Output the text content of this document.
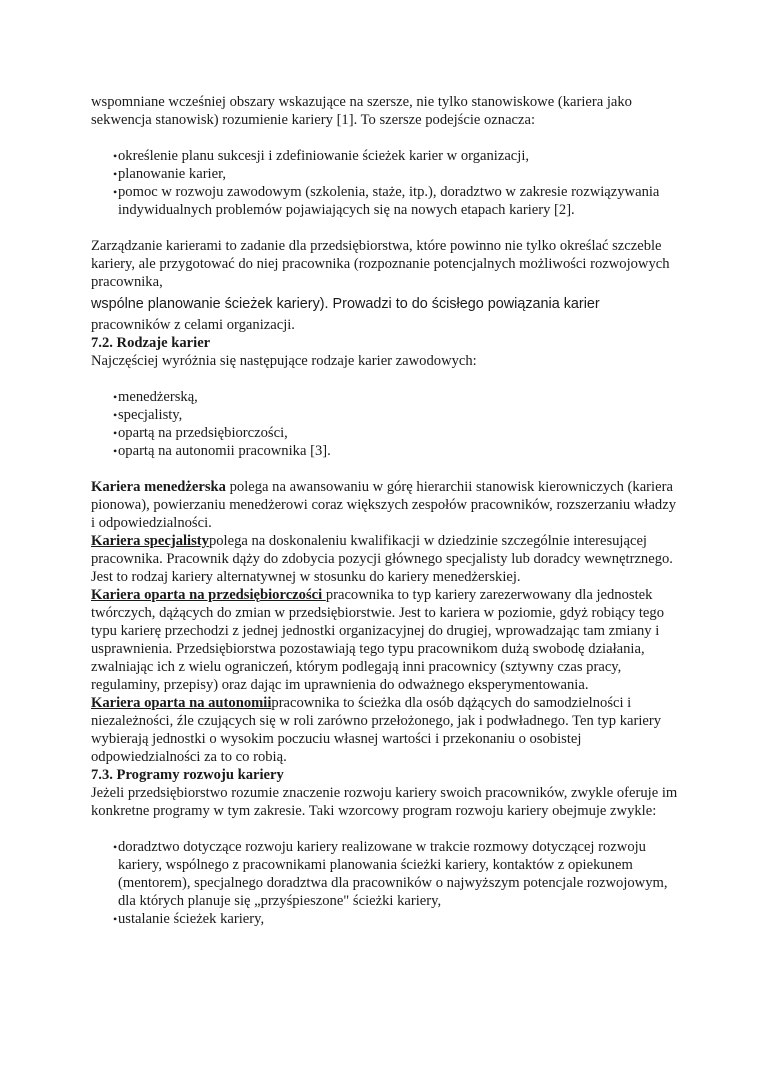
wspomniane wcześniej obszary wskazujące na szersze, nie tylko stanowiskowe (kariera jako sekwencja stanowisk) rozumienie kariery [1]. To szersze podejście oznacza:

• określenie planu sukcesji i zdefiniowanie ścieżek karier w organizacji,
• planowanie karier,
• pomoc w rozwoju zawodowym (szkolenia, staże, itp.), doradztwo w zakresie rozwiązywania indywidualnych problemów pojawiających się na nowych etapach kariery [2].

Zarządzanie karierami to zadanie dla przedsiębiorstwa, które powinno nie tylko określać szczeble kariery, ale przygotować do niej pracownika (rozpoznanie potencjalnych możliwości rozwojowych pracownika,

wspólne planowanie ścieżek kariery). Prowadzi to do ścisłego powiązania karier

pracowników z celami organizacji.

7.2. Rodzaje karier

Najczęściej wyróżnia się następujące rodzaje karier zawodowych:

• menedżerską,
• specjalisty,
• opartą na przedsiębiorczości,
• opartą na autonomii pracownika [3].

Kariera menedżerska polega na awansowaniu w górę hierarchii stanowisk kierowniczych (kariera pionowa), powierzaniu menedżerowi coraz większych zespołów pracowników, rozszerzaniu władzy i odpowiedzialności.

Kariera specjalistypolega na doskonaleniu kwalifikacji w dziedzinie szczególnie interesującej pracownika. Pracownik dąży do zdobycia pozycji głównego specjalisty lub doradcy wewnętrznego. Jest to rodzaj kariery alternatywnej w stosunku do kariery menedżerskiej.

Kariera oparta na przedsiębiorczości pracownika to typ kariery zarezerwowany dla jednostek twórczych, dążących do zmian w przedsiębiorstwie. Jest to kariera w poziomie, gdyż robiący tego typu karierę przechodzi z jednej jednostki organizacyjnej do drugiej, wprowadzając tam zmiany i usprawnienia. Przedsiębiorstwa pozostawiają tego typu pracownikom dużą swobodę działania, zwalniając ich z wielu ograniczeń, którym podlegają inni pracownicy (sztywny czas pracy, regulaminy, przepisy) oraz dając im uprawnienia do odważnego eksperymentowania.

Kariera oparta na autonomiipracownika to ścieżka dla osób dążących do samodzielności i niezależności, źle czujących się w roli zarówno przełożonego, jak i podwładnego. Ten typ kariery wybierają jednostki o wysokim poczuciu własnej wartości i przekonaniu o osobistej odpowiedzialności za to co robią.

7.3. Programy rozwoju kariery

Jeżeli przedsiębiorstwo rozumie znaczenie rozwoju kariery swoich pracowników, zwykle oferuje im konkretne programy w tym zakresie. Taki wzorcowy program rozwoju kariery obejmuje zwykle:

• doradztwo dotyczące rozwoju kariery realizowane w trakcie rozmowy dotyczącej rozwoju kariery, wspólnego z pracownikami planowania ścieżki kariery, kontaktów z opiekunem (mentorem), specjalnego doradztwa dla pracowników o najwyższym potencjale rozwojowym, dla których planuje się „przyśpieszone" ścieżki kariery,
• ustalanie ścieżek kariery,
